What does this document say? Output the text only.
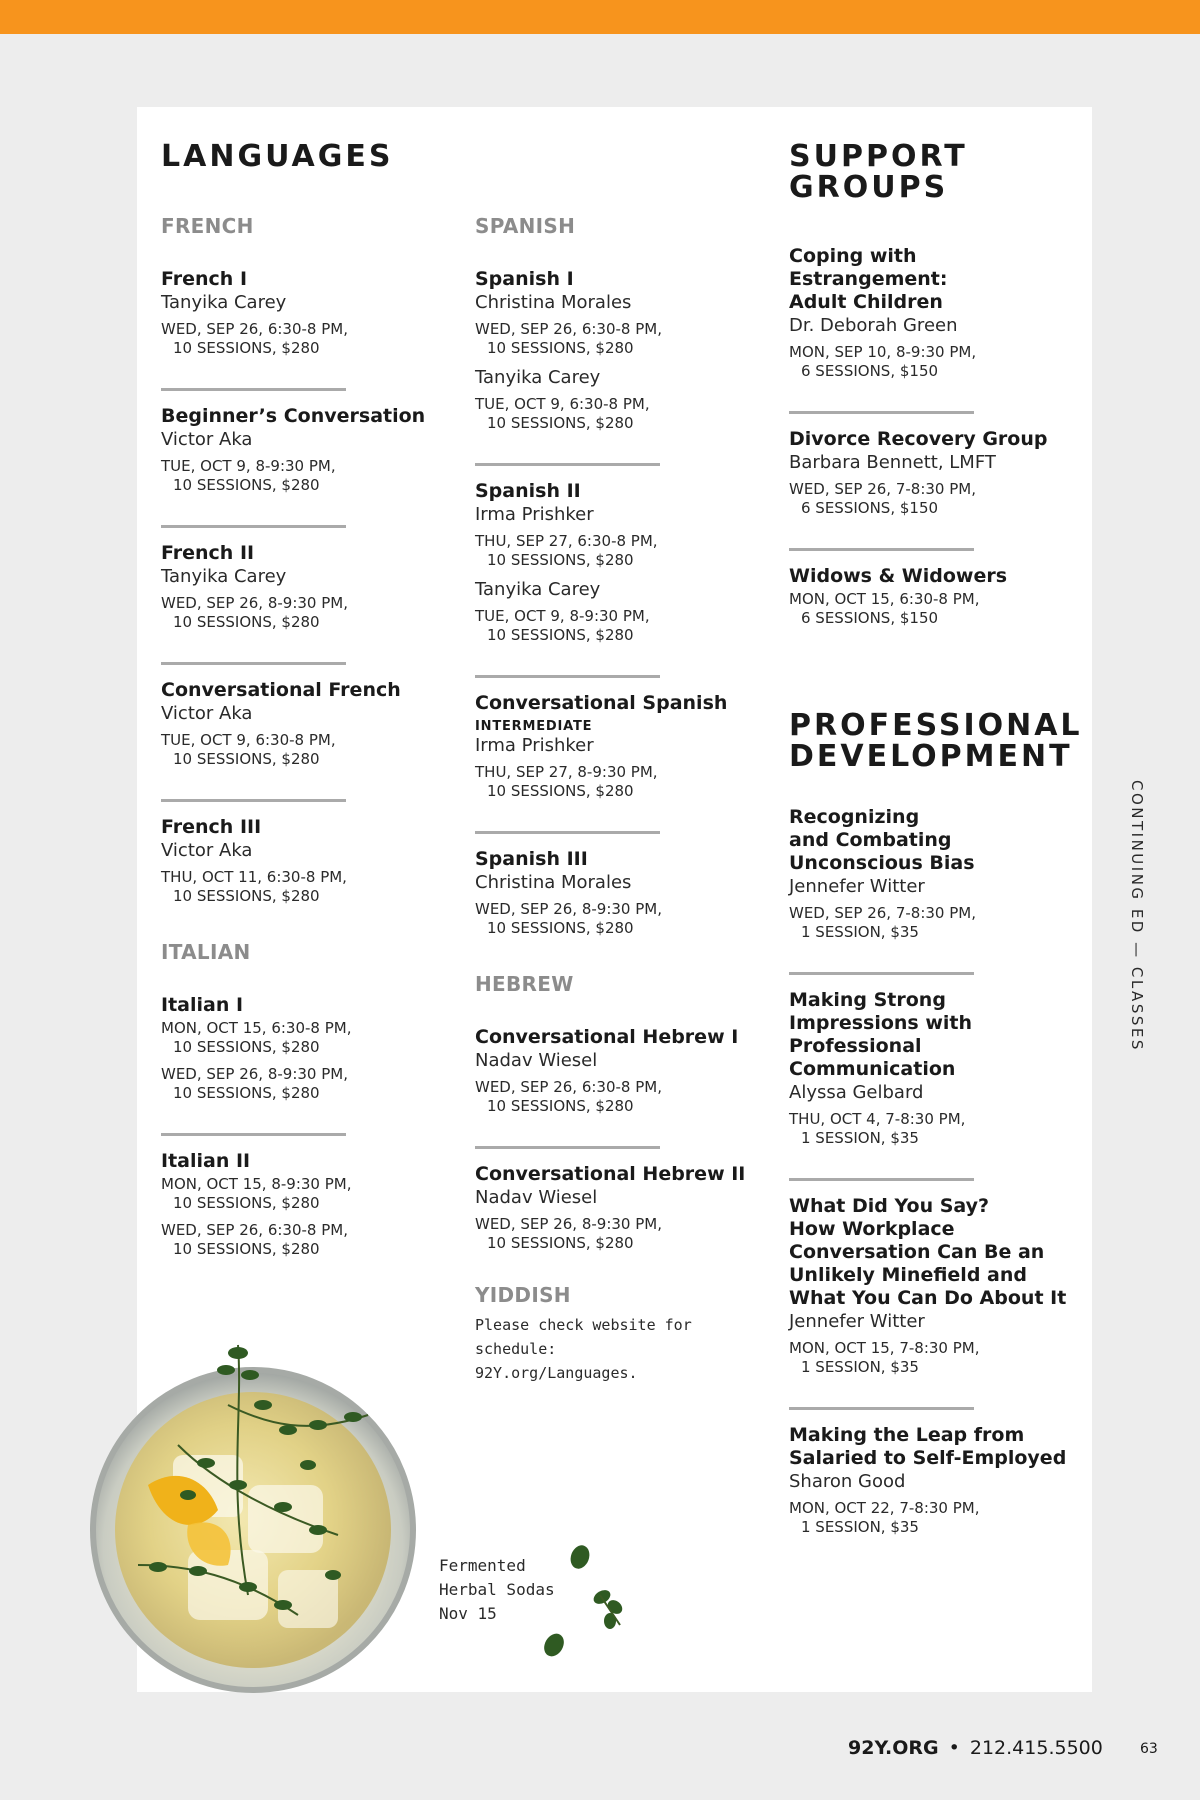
LANGUAGES
FRENCH
French I
Tanyika Carey
WED, SEP 26, 6:30-8 PM,
10 SESSIONS, $280
Beginner’s Conversation
Victor Aka
TUE, OCT 9, 8-9:30 PM,
10 SESSIONS, $280
French II
Tanyika Carey
WED, SEP 26, 8-9:30 PM,
10 SESSIONS, $280
Conversational French
Victor Aka
TUE, OCT 9, 6:30-8 PM,
10 SESSIONS, $280
French III
Victor Aka
THU, OCT 11, 6:30-8 PM,
10 SESSIONS, $280
ITALIAN
Italian I
MON, OCT 15, 6:30-8 PM,
10 SESSIONS, $280
WED, SEP 26, 8-9:30 PM,
10 SESSIONS, $280
Italian II
MON, OCT 15, 8-9:30 PM,
10 SESSIONS, $280
WED, SEP 26, 6:30-8 PM,
10 SESSIONS, $280
SPANISH
Spanish I
Christina Morales
WED, SEP 26, 6:30-8 PM,
10 SESSIONS, $280
Tanyika Carey
TUE, OCT 9, 6:30-8 PM,
10 SESSIONS, $280
Spanish II
Irma Prishker
THU, SEP 27, 6:30-8 PM,
10 SESSIONS, $280
Tanyika Carey
TUE, OCT 9, 8-9:30 PM,
10 SESSIONS, $280
Conversational Spanish
INTERMEDIATE
Irma Prishker
THU, SEP 27, 8-9:30 PM,
10 SESSIONS, $280
Spanish III
Christina Morales
WED, SEP 26, 8-9:30 PM,
10 SESSIONS, $280
HEBREW
Conversational Hebrew I
Nadav Wiesel
WED, SEP 26, 6:30-8 PM,
10 SESSIONS, $280
Conversational Hebrew II
Nadav Wiesel
WED, SEP 26, 8-9:30 PM,
10 SESSIONS, $280
YIDDISH
Please check website for schedule:
92Y.org/Languages.
SUPPORT
GROUPS
Coping with
Estrangement:
Adult Children
Dr. Deborah Green
MON, SEP 10, 8-9:30 PM,
6 SESSIONS, $150
Divorce Recovery Group
Barbara Bennett, LMFT
WED, SEP 26, 7-8:30 PM,
6 SESSIONS, $150
Widows & Widowers
MON, OCT 15, 6:30-8 PM,
6 SESSIONS, $150
PROFESSIONAL
DEVELOPMENT
Recognizing
and Combating
Unconscious Bias
Jennefer Witter
WED, SEP 26, 7-8:30 PM,
1 SESSION, $35
Making Strong
Impressions with
Professional
Communication
Alyssa Gelbard
THU, OCT 4, 7-8:30 PM,
1 SESSION, $35
What Did You Say?
How Workplace
Conversation Can Be an
Unlikely Minefield and
What You Can Do About It
Jennefer Witter
MON, OCT 15, 7-8:30 PM,
1 SESSION, $35
Making the Leap from
Salaried to Self-Employed
Sharon Good
MON, OCT 22, 7-8:30 PM,
1 SESSION, $35
Fermented
Herbal Sodas
Nov 15
CONTINUING ED — CLASSES
92Y.ORG • 212.415.5500	63
